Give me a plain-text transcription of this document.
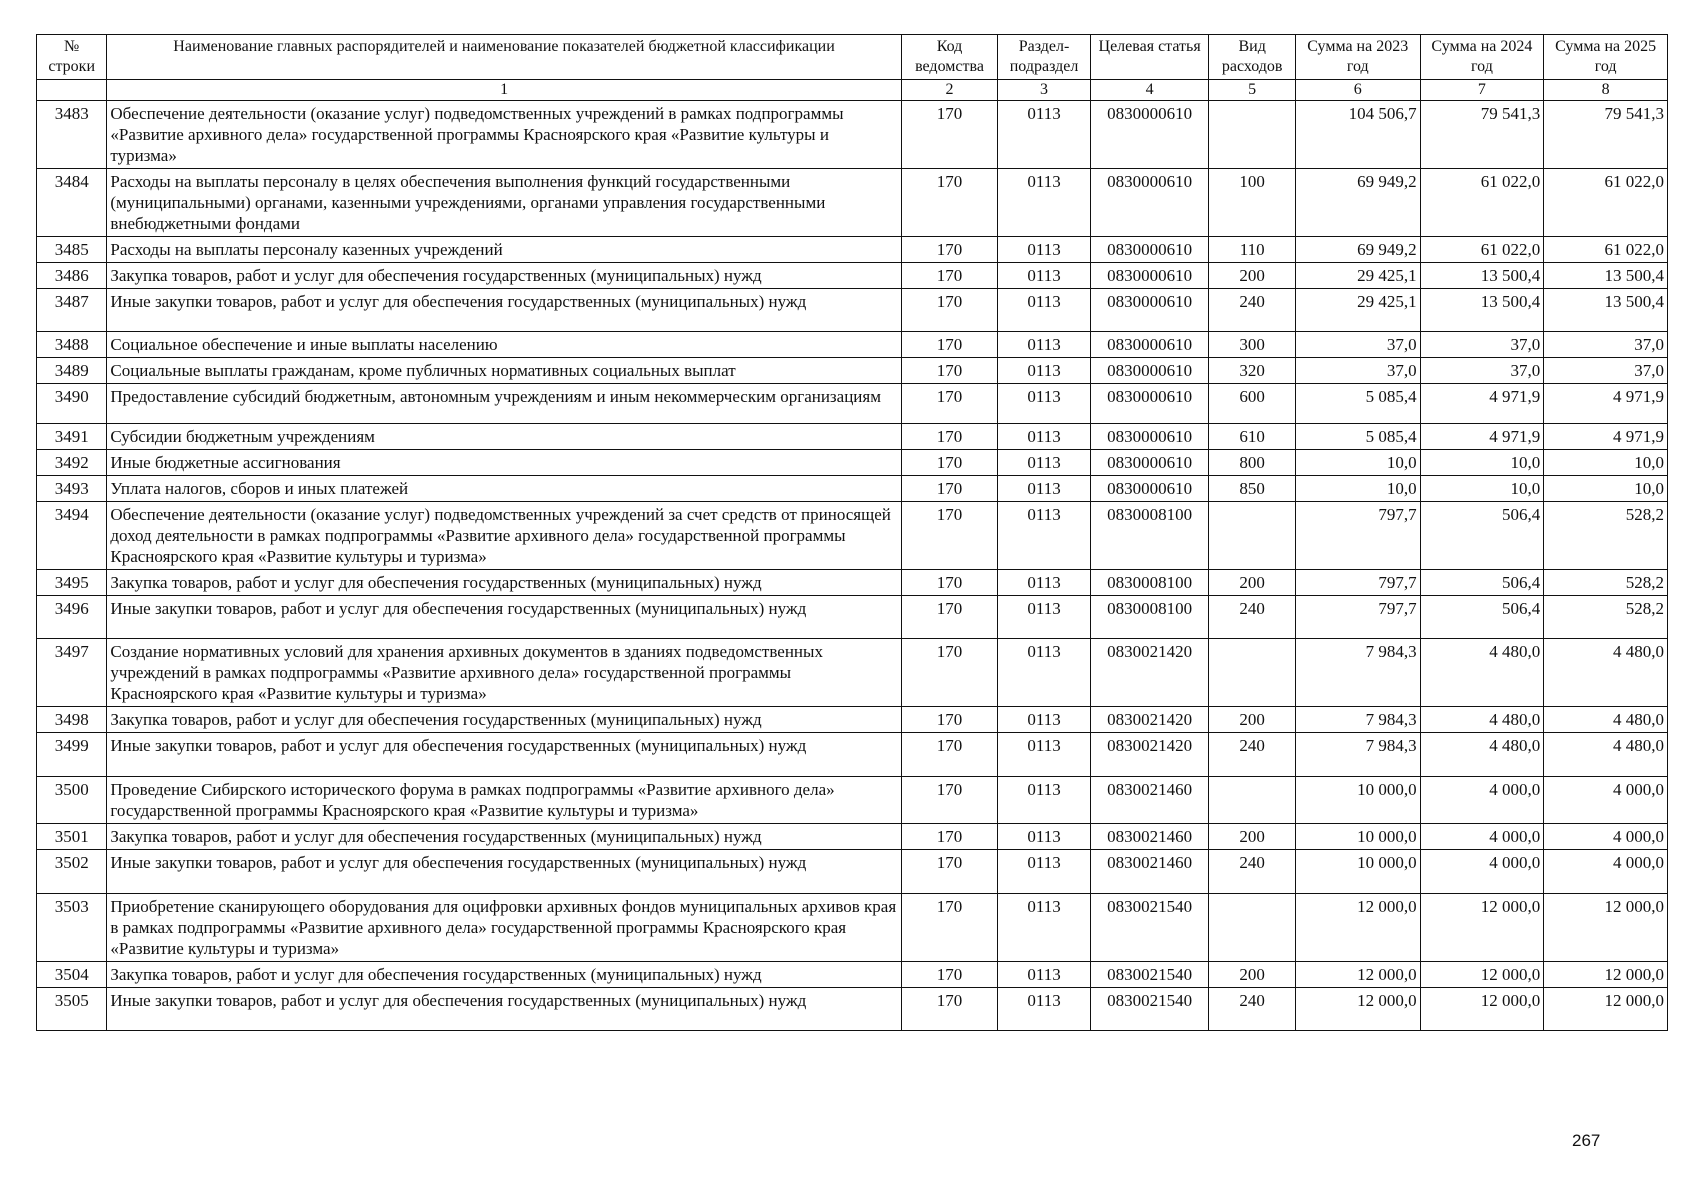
№ строки	Наименование главных распорядителей и наименование показателей бюджетной классификации	Код ведомства	Раздел-подраздел	Целевая статья	Вид расходов	Сумма на 2023 год	Сумма на 2024 год	Сумма на 2025 год
	1	2	3	4	5	6	7	8
3483	Обеспечение деятельности (оказание услуг) подведомственных учреждений в рамках подпрограммы «Развитие архивного дела» государственной программы Красноярского края «Развитие культуры и туризма»	170	0113	0830000610		104 506,7	79 541,3	79 541,3
3484	Расходы на выплаты персоналу в целях обеспечения выполнения функций государственными (муниципальными) органами, казенными учреждениями, органами управления государственными внебюджетными фондами	170	0113	0830000610	100	69 949,2	61 022,0	61 022,0
3485	Расходы на выплаты персоналу казенных учреждений	170	0113	0830000610	110	69 949,2	61 022,0	61 022,0
3486	Закупка товаров, работ и услуг для обеспечения государственных (муниципальных) нужд	170	0113	0830000610	200	29 425,1	13 500,4	13 500,4
3487	Иные закупки товаров, работ и услуг для обеспечения государственных (муниципальных) нужд	170	0113	0830000610	240	29 425,1	13 500,4	13 500,4
3488	Социальное обеспечение и иные выплаты населению	170	0113	0830000610	300	37,0	37,0	37,0
3489	Социальные выплаты гражданам, кроме публичных нормативных социальных выплат	170	0113	0830000610	320	37,0	37,0	37,0
3490	Предоставление субсидий бюджетным, автономным учреждениям и иным некоммерческим организациям	170	0113	0830000610	600	5 085,4	4 971,9	4 971,9
3491	Субсидии бюджетным учреждениям	170	0113	0830000610	610	5 085,4	4 971,9	4 971,9
3492	Иные бюджетные ассигнования	170	0113	0830000610	800	10,0	10,0	10,0
3493	Уплата налогов, сборов и иных платежей	170	0113	0830000610	850	10,0	10,0	10,0
3494	Обеспечение деятельности (оказание услуг) подведомственных учреждений за счет средств от приносящей доход деятельности в рамках подпрограммы «Развитие архивного дела» государственной программы Красноярского края «Развитие культуры и туризма»	170	0113	0830008100		797,7	506,4	528,2
3495	Закупка товаров, работ и услуг для обеспечения государственных (муниципальных) нужд	170	0113	0830008100	200	797,7	506,4	528,2
3496	Иные закупки товаров, работ и услуг для обеспечения государственных (муниципальных) нужд	170	0113	0830008100	240	797,7	506,4	528,2
3497	Создание нормативных условий для хранения архивных документов в зданиях подведомственных учреждений в рамках подпрограммы «Развитие архивного дела» государственной программы Красноярского края «Развитие культуры и туризма»	170	0113	0830021420		7 984,3	4 480,0	4 480,0
3498	Закупка товаров, работ и услуг для обеспечения государственных (муниципальных) нужд	170	0113	0830021420	200	7 984,3	4 480,0	4 480,0
3499	Иные закупки товаров, работ и услуг для обеспечения государственных (муниципальных) нужд	170	0113	0830021420	240	7 984,3	4 480,0	4 480,0
3500	Проведение Сибирского исторического форума в рамках подпрограммы «Развитие архивного дела» государственной программы Красноярского края «Развитие культуры и туризма»	170	0113	0830021460		10 000,0	4 000,0	4 000,0
3501	Закупка товаров, работ и услуг для обеспечения государственных (муниципальных) нужд	170	0113	0830021460	200	10 000,0	4 000,0	4 000,0
3502	Иные закупки товаров, работ и услуг для обеспечения государственных (муниципальных) нужд	170	0113	0830021460	240	10 000,0	4 000,0	4 000,0
3503	Приобретение сканирующего оборудования для оцифровки архивных фондов муниципальных архивов края в рамках подпрограммы «Развитие архивного дела» государственной программы Красноярского края «Развитие культуры и туризма»	170	0113	0830021540		12 000,0	12 000,0	12 000,0
3504	Закупка товаров, работ и услуг для обеспечения государственных (муниципальных) нужд	170	0113	0830021540	200	12 000,0	12 000,0	12 000,0
3505	Иные закупки товаров, работ и услуг для обеспечения государственных (муниципальных) нужд	170	0113	0830021540	240	12 000,0	12 000,0	12 000,0
267
